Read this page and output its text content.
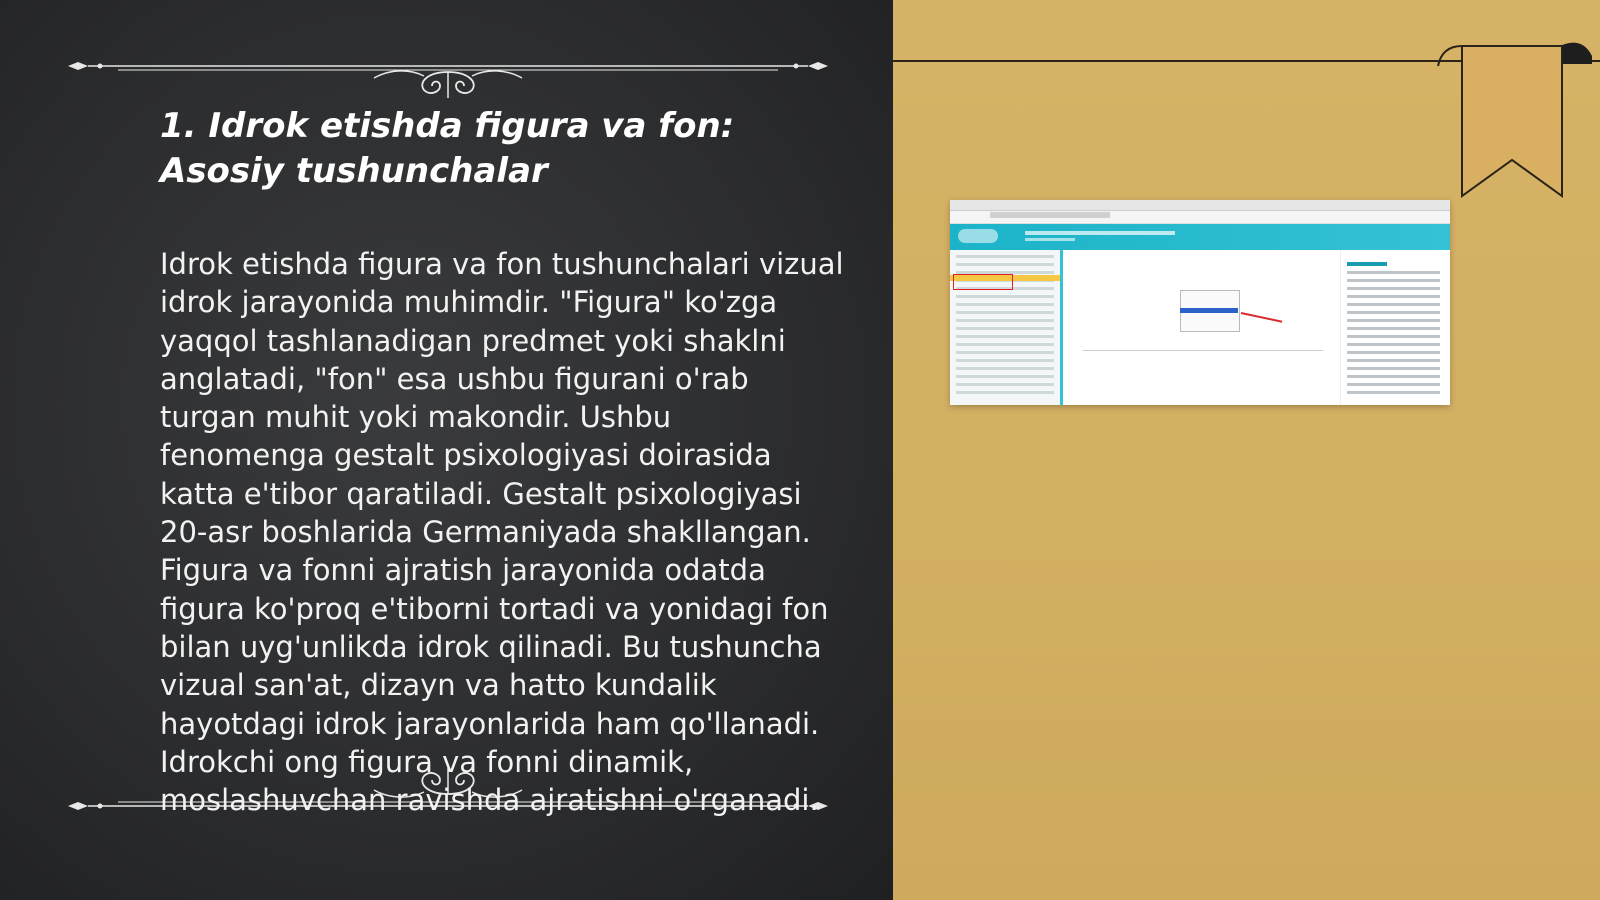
1. Idrok etishda figura va fon: Asosiy tushunchalar

Idrok etishda figura va fon tushunchalari vizual idrok jarayonida muhimdir. "Figura" ko'zga yaqqol tashlanadigan predmet yoki shaklni anglatadi, "fon" esa ushbu figurani o'rab turgan muhit yoki makondir. Ushbu fenomenga gestalt psixologiyasi doirasida katta e'tibor qaratiladi. Gestalt psixologiyasi 20-asr boshlarida Germaniyada shakllangan. Figura va fonni ajratish jarayonida odatda figura ko'proq e'tiborni tortadi va yonidagi fon bilan uyg'unlikda idrok qilinadi. Bu tushuncha vizual san'at, dizayn va hatto kundalik hayotdagi idrok jarayonlarida ham qo'llanadi. Idrokchi ong figura va fonni dinamik, moslashuvchan ravishda ajratishni o'rganadi.
